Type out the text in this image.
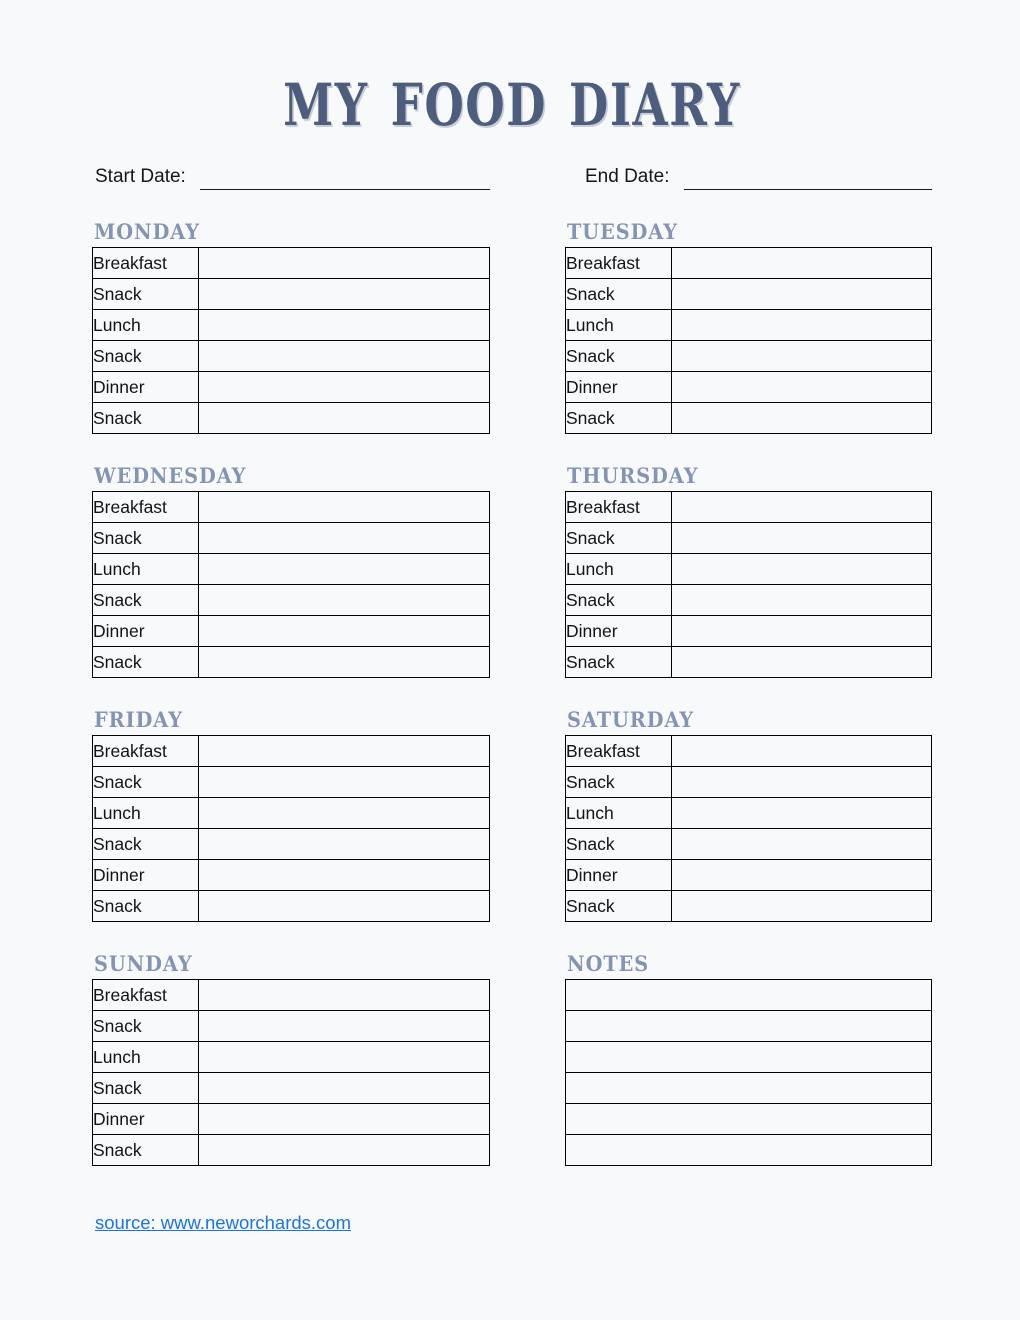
MY FOOD DIARY
Start Date:	End Date:
MONDAY
Breakfast	
Snack	
Lunch	
Snack	
Dinner	
Snack	
TUESDAY
Breakfast	
Snack	
Lunch	
Snack	
Dinner	
Snack	
WEDNESDAY
Breakfast	
Snack	
Lunch	
Snack	
Dinner	
Snack	
THURSDAY
Breakfast	
Snack	
Lunch	
Snack	
Dinner	
Snack	
FRIDAY
Breakfast	
Snack	
Lunch	
Snack	
Dinner	
Snack	
SATURDAY
Breakfast	
Snack	
Lunch	
Snack	
Dinner	
Snack	
SUNDAY
Breakfast	
Snack	
Lunch	
Snack	
Dinner	
Snack	
NOTES

source: www.neworchards.com
